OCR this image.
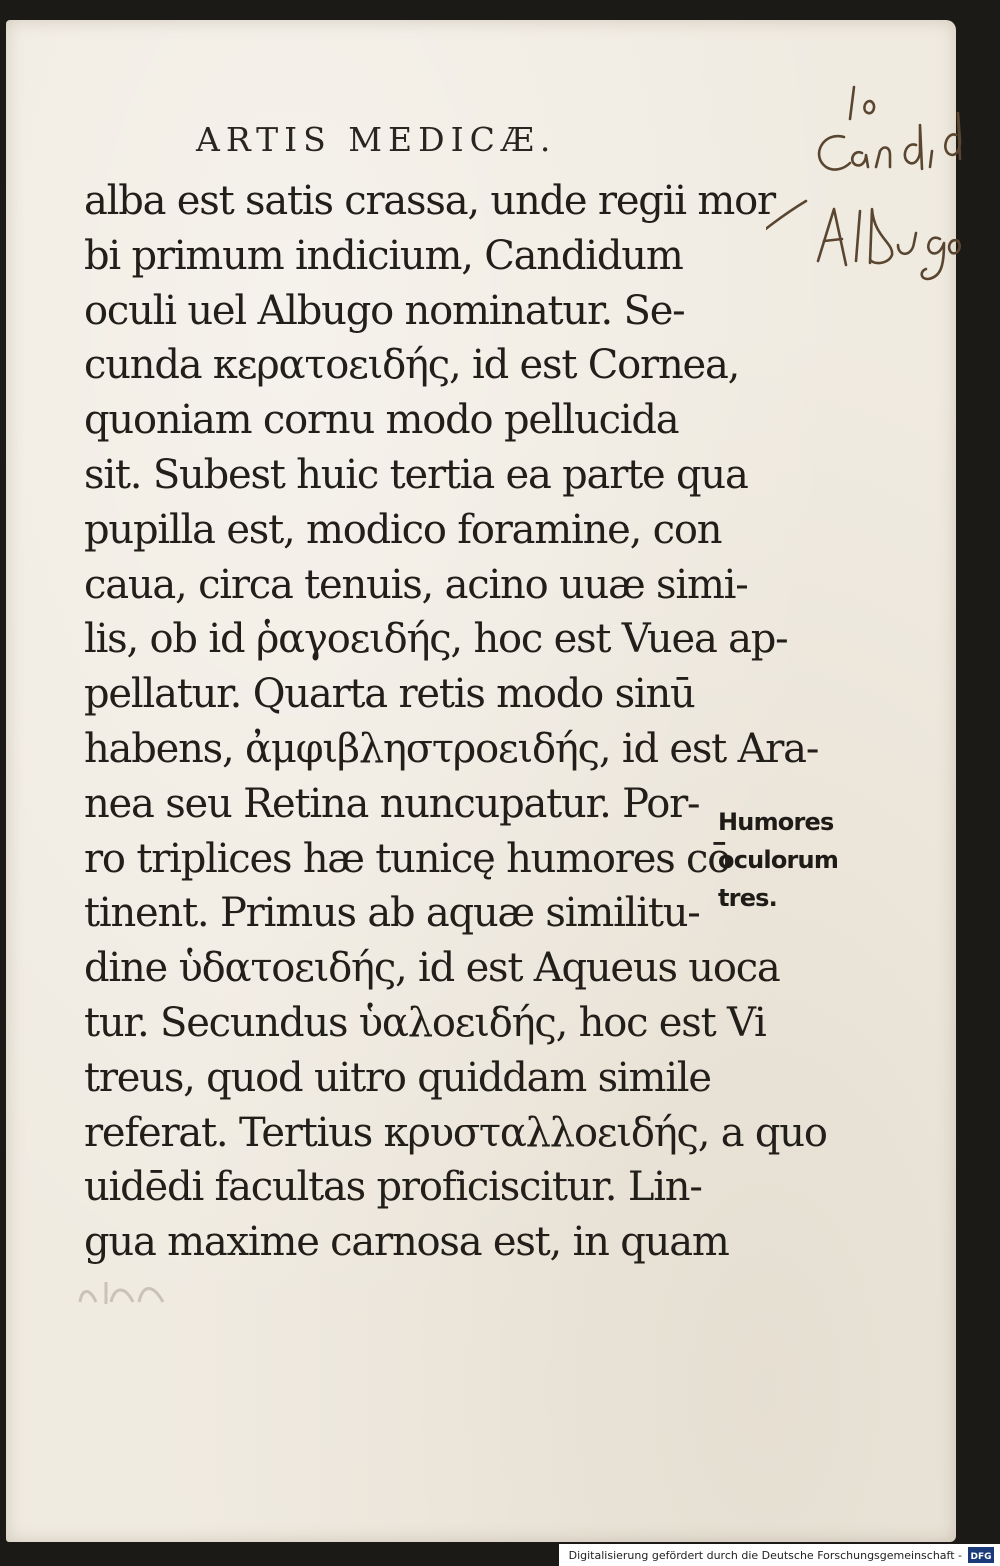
ARTIS MEDICÆ.
alba est satis crassa, unde regii mor
bi primum indicium, Candidum
oculi uel Albugo nominatur. Se-
cunda κερατοειδής, id est Cornea,
quoniam cornu modo pellucida
sit. Subest huic tertia ea parte qua
pupilla est, modico foramine, con
caua, circa tenuis, acino uuæ simi-
lis, ob id ῥαγοειδής, hoc est Vuea ap-
pellatur. Quarta retis modo sinū
habens, ἀμφιβληστροειδής, id est Ara-
nea seu Retina nuncupatur. Por-
ro triplices hæ tunicę humores cō
tinent. Primus ab aquæ similitu-
dine ὑδατοειδής, id est Aqueus uoca
tur. Secundus ὑαλοειδής, hoc est Vi
treus, quod uitro quiddam simile
referat. Tertius κρυσταλλοειδής, a quo
uidēdi facultas proficiscitur. Lin-
gua maxime carnosa est, in quam
Humores
oculorum
tres.
Digitalisierung gefördert durch die Deutsche Forschungsgemeinschaft - DFG
